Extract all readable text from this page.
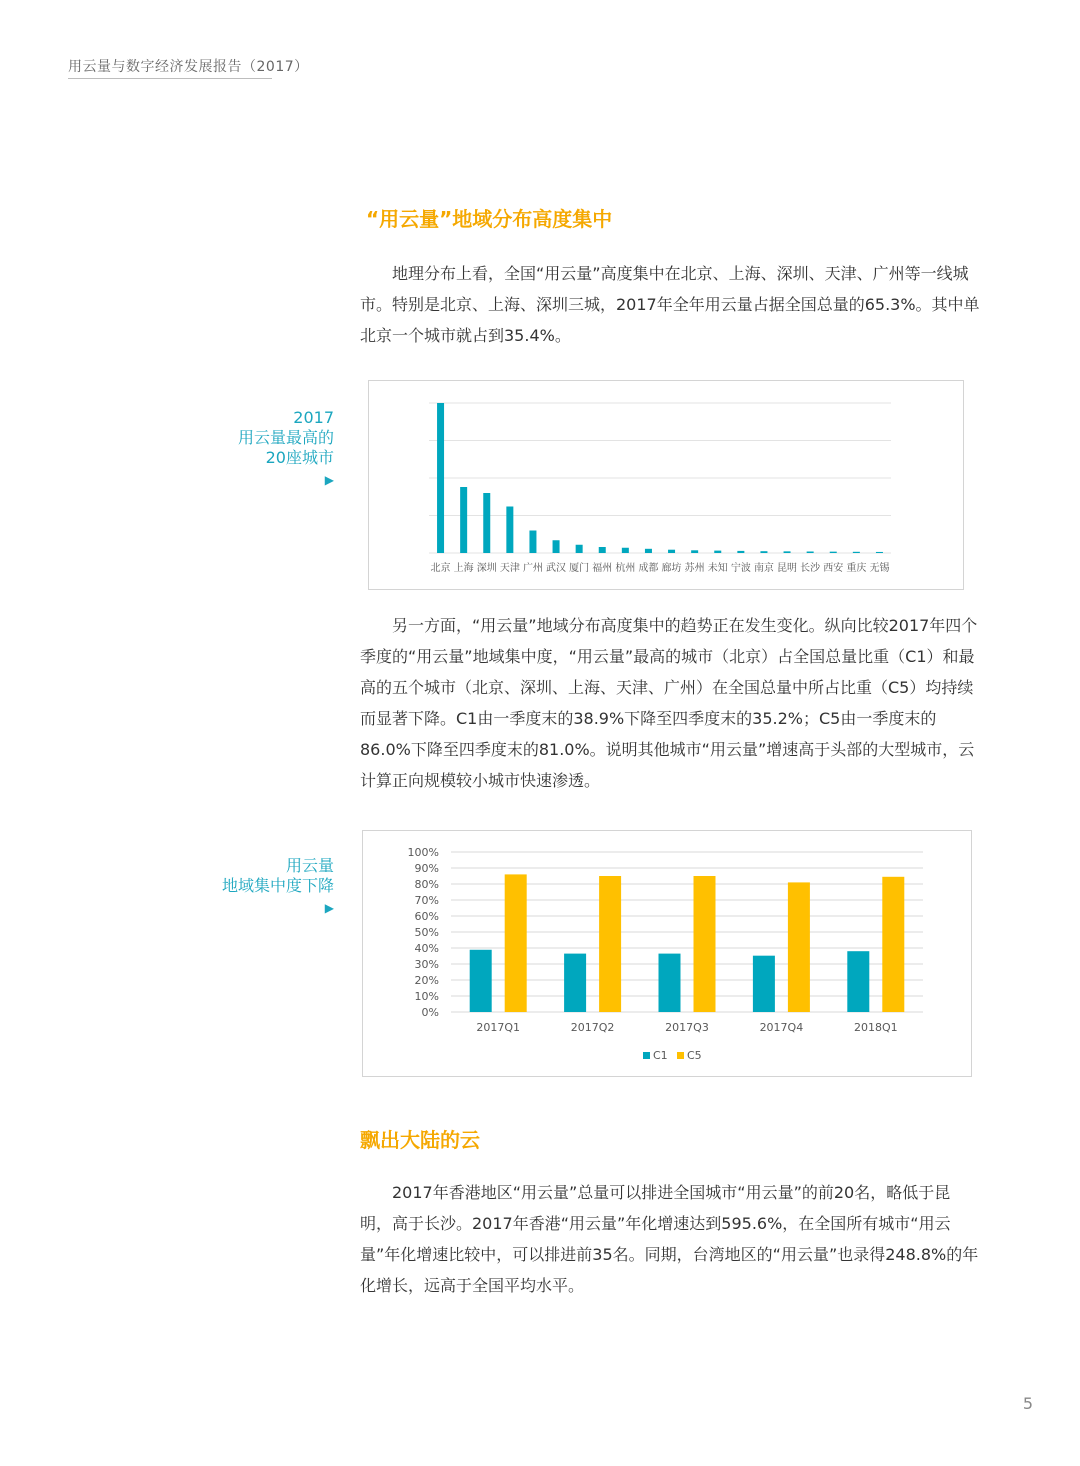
用云量与数字经济发展报告（2017）
“用云量”地域分布高度集中

地理分布上看，全国“用云量”高度集中在北京、上海、深圳、天津、广州等一线城市。特别是北京、上海、深圳三城，2017年全年用云量占据全国总量的65.3%。其中单北京一个城市就占到35.4%。

2017
用云量最高的
20座城市
▶
北京 上海 深圳 天津 广州 武汉 厦门 福州 杭州 成都 廊坊 苏州 未知 宁波 南京 昆明 长沙 西安 重庆 无锡

另一方面，“用云量”地域分布高度集中的趋势正在发生变化。纵向比较2017年四个季度的“用云量”地域集中度，“用云量”最高的城市（北京）占全国总量比重（C1）和最高的五个城市（北京、深圳、上海、天津、广州）在全国总量中所占比重（C5）均持续而显著下降。C1由一季度末的38.9%下降至四季度末的35.2%；C5由一季度末的86.0%下降至四季度末的81.0%。说明其他城市“用云量”增速高于头部的大型城市，云计算正向规模较小城市快速渗透。

用云量
地域集中度下降
▶
0%
10%
20%
30%
40%
50%
60%
70%
80%
90%
100%
2017Q1	2017Q2	2017Q3	2017Q4	2018Q1
C1 C5
飘出大陆的云

2017年香港地区“用云量”总量可以排进全国城市“用云量”的前20名，略低于昆明，高于长沙。2017年香港“用云量”年化增速达到595.6%，在全国所有城市“用云量”年化增速比较中，可以排进前35名。同期，台湾地区的“用云量”也录得248.8%的年化增长，远高于全国平均水平。

5
